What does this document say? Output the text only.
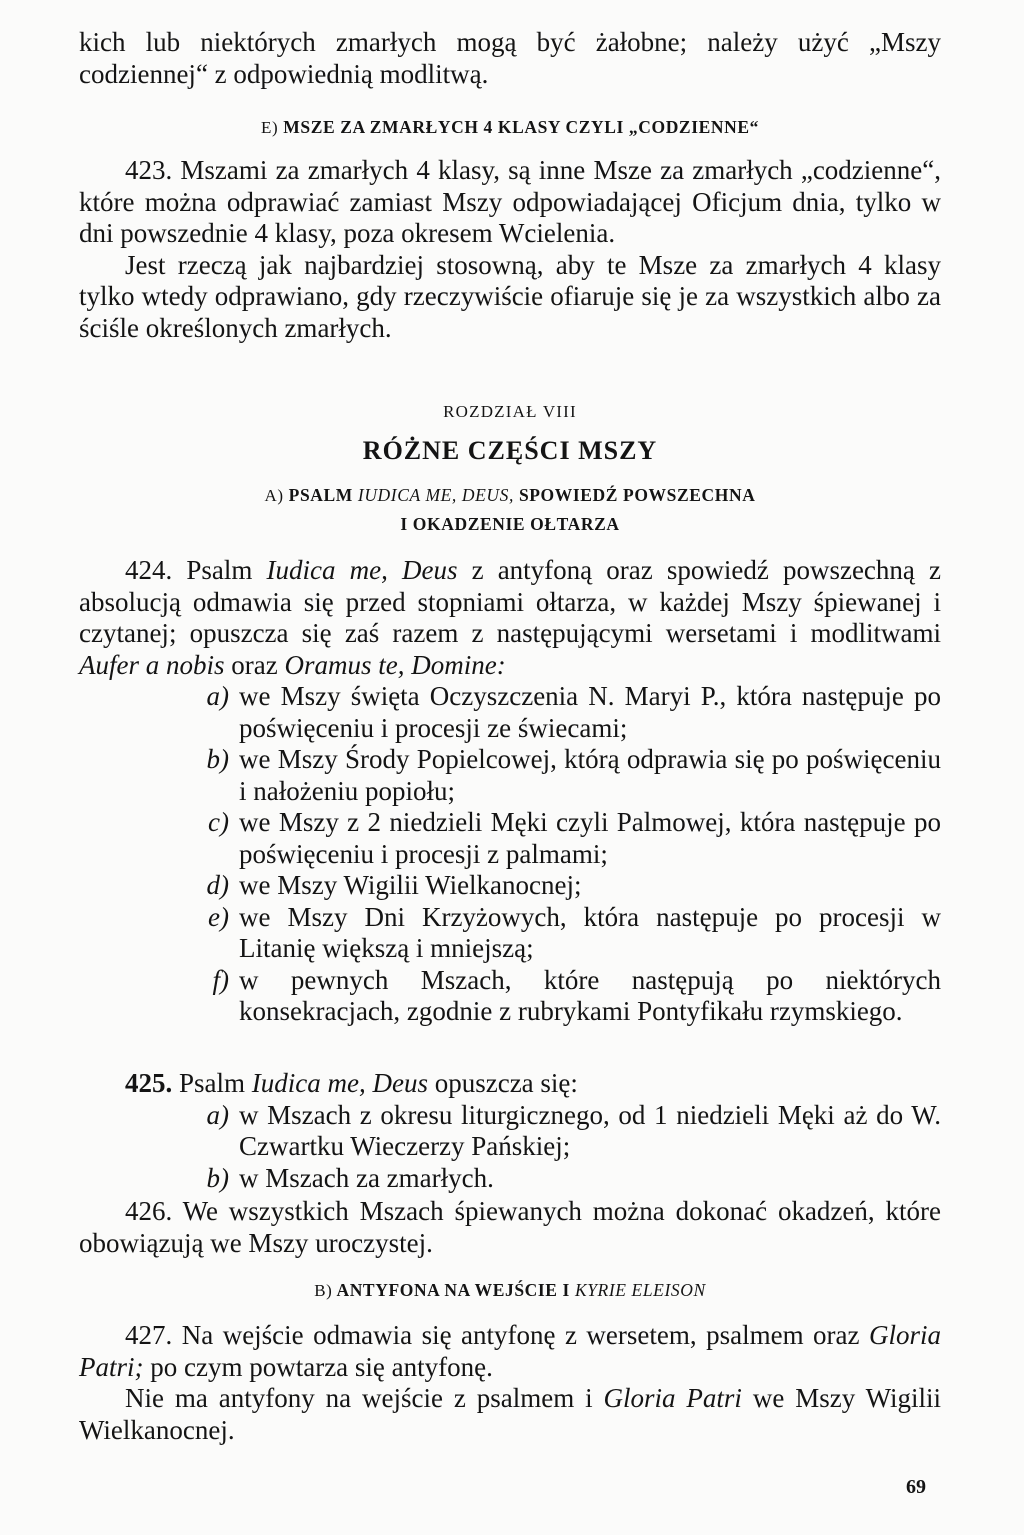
kich lub niektórych zmarłych mogą być żałobne; należy użyć „Mszy codziennej“ z odpowiednią modlitwą.

E) MSZE ZA ZMARŁYCH 4 KLASY CZYLI „CODZIENNE“

423. Mszami za zmarłych 4 klasy, są inne Msze za zmarłych „codzienne“, które można odprawiać zamiast Mszy odpowiadającej Oficjum dnia, tylko w dni powszednie 4 klasy, poza okresem Wcielenia.

Jest rzeczą jak najbardziej stosowną, aby te Msze za zmarłych 4 klasy tylko wtedy odprawiano, gdy rzeczywiście ofiaruje się je za wszystkich albo za ściśle określonych zmarłych.

ROZDZIAŁ VIII

RÓŻNE CZĘŚCI MSZY

A) PSALM IUDICA ME, DEUS, SPOWIEDŹ POWSZECHNA

I OKADZENIE OŁTARZA

424. Psalm Iudica me, Deus z antyfoną oraz spowiedź powszechną z absolucją odmawia się przed stopniami ołtarza, w każdej Mszy śpiewanej i czytanej; opuszcza się zaś razem z następującymi wersetami i modlitwami Aufer a nobis oraz Oramus te, Domine:

a) we Mszy święta Oczyszczenia N. Maryi P., która następuje po poświęceniu i procesji ze świecami;
b) we Mszy Środy Popielcowej, którą odprawia się po poświęceniu i nałożeniu popiołu;
c) we Mszy z 2 niedzieli Męki czyli Palmowej, która następuje po poświęceniu i procesji z palmami;
d) we Mszy Wigilii Wielkanocnej;
e) we Mszy Dni Krzyżowych, która następuje po procesji w Litanię większą i mniejszą;
f) w pewnych Mszach, które następują po niektórych konsekracjach, zgodnie z rubrykami Pontyfikału rzymskiego.

425. Psalm Iudica me, Deus opuszcza się:

a) w Mszach z okresu liturgicznego, od 1 niedzieli Męki aż do W. Czwartku Wieczerzy Pańskiej;
b) w Mszach za zmarłych.

426. We wszystkich Mszach śpiewanych można dokonać okadzeń, które obowiązują we Mszy uroczystej.

B) ANTYFONA NA WEJŚCIE I KYRIE ELEISON

427. Na wejście odmawia się antyfonę z wersetem, psalmem oraz Gloria Patri; po czym powtarza się antyfonę.

Nie ma antyfony na wejście z psalmem i Gloria Patri we Mszy Wigilii Wielkanocnej.

69
